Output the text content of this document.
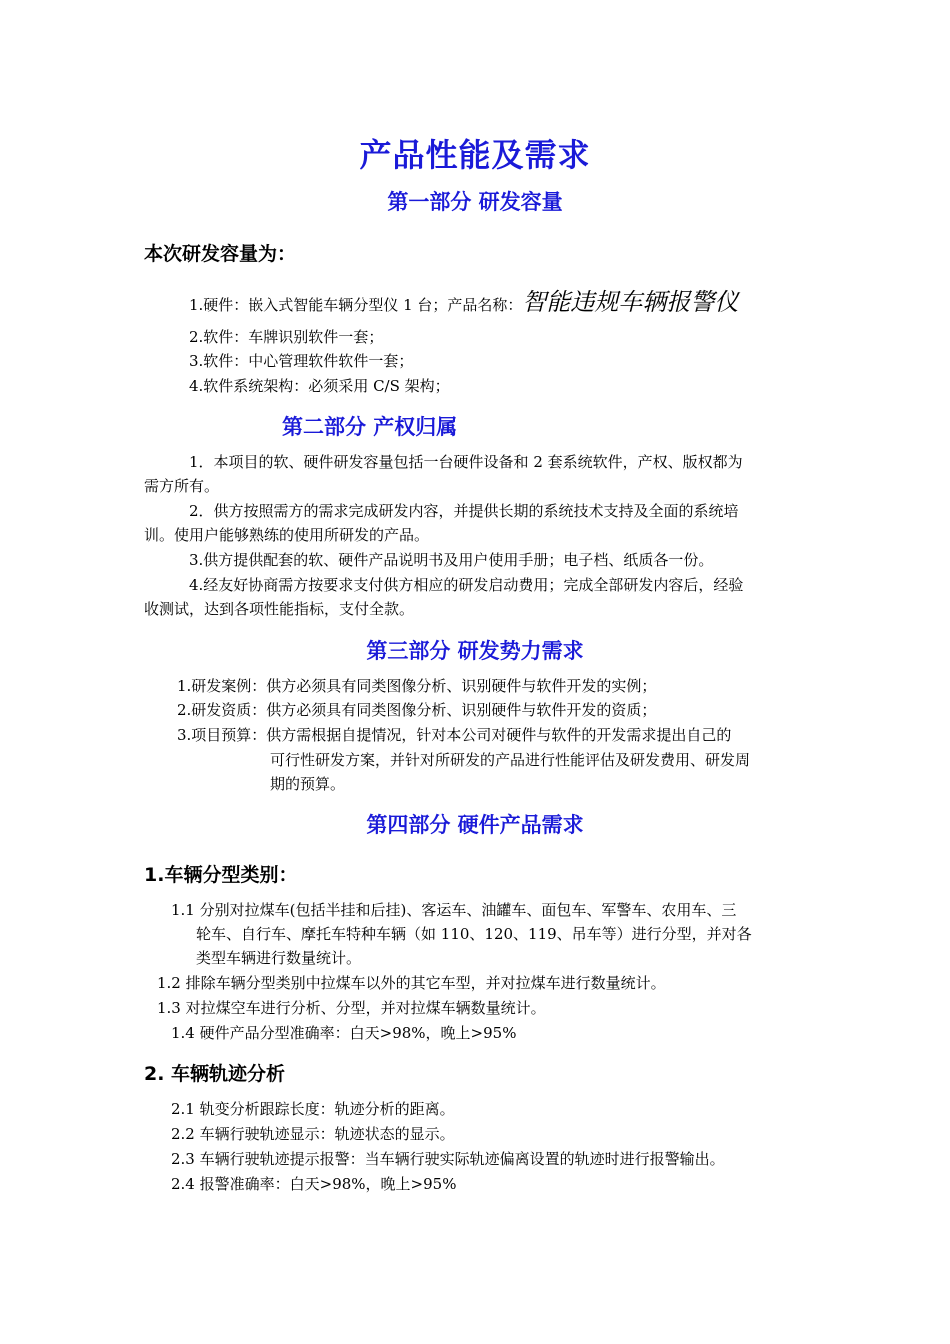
产品性能及需求
第一部分 研发容量
本次研发容量为：
1.硬件：嵌入式智能车辆分型仪 1 台；产品名称：智能违规车辆报警仪
2.软件：车牌识别软件一套；
3.软件：中心管理软件软件一套；
4.软件系统架构：必须采用 C/S 架构；
第二部分 产权归属
1．本项目的软、硬件研发容量包括一台硬件设备和 2 套系统软件，产权、版权都为
需方所有。
2．供方按照需方的需求完成研发内容，并提供长期的系统技术支持及全面的系统培
训。使用户能够熟练的使用所研发的产品。
3.供方提供配套的软、硬件产品说明书及用户使用手册；电子档、纸质各一份。
4.经友好协商需方按要求支付供方相应的研发启动费用；完成全部研发内容后，经验
收测试，达到各项性能指标，支付全款。
第三部分 研发势力需求
1.研发案例：供方必须具有同类图像分析、识别硬件与软件开发的实例；
2.研发资质：供方必须具有同类图像分析、识别硬件与软件开发的资质；
3.项目预算：供方需根据自提情况，针对本公司对硬件与软件的开发需求提出自己的
可行性研发方案，并针对所研发的产品进行性能评估及研发费用、研发周
期的预算。
第四部分 硬件产品需求
1.车辆分型类别：
1.1 分别对拉煤车(包括半挂和后挂)、客运车、油罐车、面包车、军警车、农用车、三
轮车、自行车、摩托车特种车辆（如 110、120、119、吊车等）进行分型，并对各
类型车辆进行数量统计。
1.2 排除车辆分型类别中拉煤车以外的其它车型，并对拉煤车进行数量统计。
1.3 对拉煤空车进行分析、分型，并对拉煤车辆数量统计。
1.4 硬件产品分型准确率：白天>98%，晚上>95%
2. 车辆轨迹分析
2.1 轨变分析跟踪长度：轨迹分析的距离。
2.2 车辆行驶轨迹显示：轨迹状态的显示。
2.3 车辆行驶轨迹提示报警：当车辆行驶实际轨迹偏离设置的轨迹时进行报警输出。
2.4 报警准确率：白天>98%，晚上>95%
